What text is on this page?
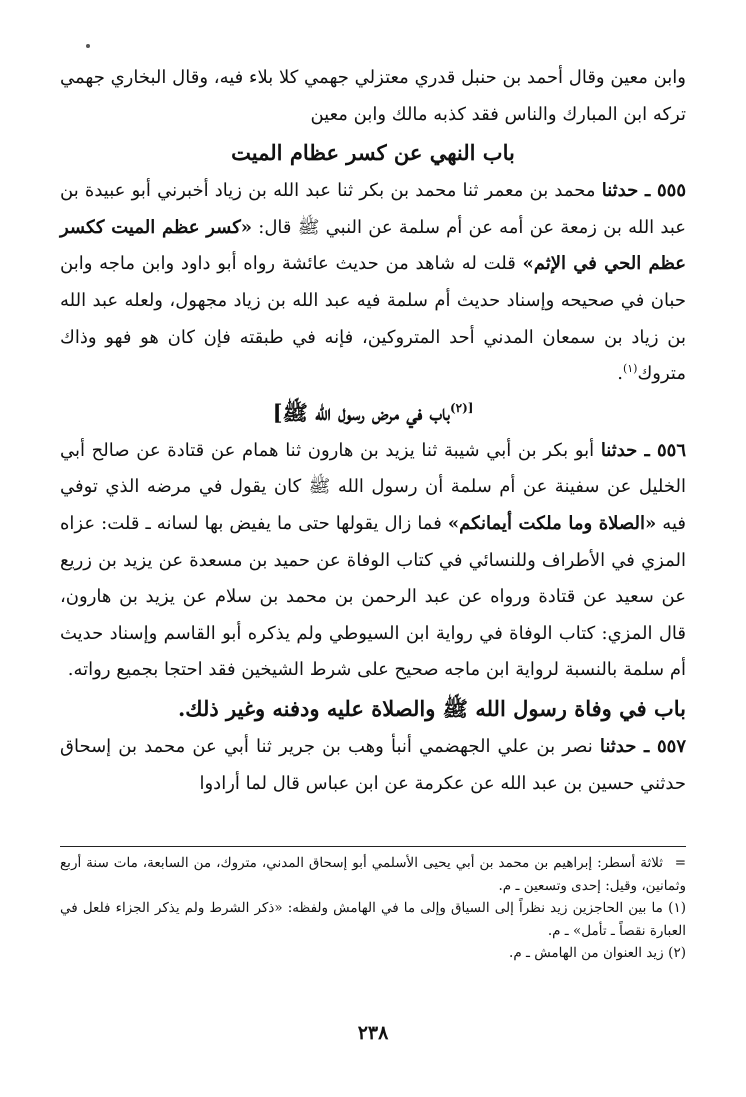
وابن معين وقال أحمد بن حنبل قدري معتزلي جهمي كلا بلاء فيه، وقال البخاري جهمي تركه ابن المبارك والناس فقد كذبه مالك وابن معين

باب النهي عن كسر عظام الميت

٥٥٥ ـ حدثنا محمد بن معمر ثنا محمد بن بكر ثنا عبد الله بن زياد أخبرني أبو عبيدة بن عبد الله بن زمعة عن أمه عن أم سلمة عن النبي ﷺ قال: «كسر عظم الميت ككسر عظم الحي في الإثم» قلت له شاهد من حديث عائشة رواه أبو داود وابن ماجه وابن حبان في صحيحه وإسناد حديث أم سلمة فيه عبد الله بن زياد مجهول، ولعله عبد الله بن زياد بن سمعان المدني أحد المتروكين، فإنه في طبقته فإن كان هو فهو وذاك متروك$^{(١)}$.

$^{[(٢)}$باب في مرض رسول الله ﷺ]

٥٥٦ ـ حدثنا أبو بكر بن أبي شيبة ثنا يزيد بن هارون ثنا همام عن قتادة عن صالح أبي الخليل عن سفينة عن أم سلمة أن رسول الله ﷺ كان يقول في مرضه الذي توفي فيه «الصلاة وما ملكت أيمانكم» فما زال يقولها حتى ما يفيض بها لسانه ـ قلت: عزاه المزي في الأطراف وللنسائي في كتاب الوفاة عن حميد بن مسعدة عن يزيد بن زريع عن سعيد عن قتادة ورواه عن عبد الرحمن بن محمد بن سلام عن يزيد بن هارون، قال المزي: كتاب الوفاة في رواية ابن السيوطي ولم يذكره أبو القاسم وإسناد حديث أم سلمة بالنسبة لرواية ابن ماجه صحيح على شرط الشيخين فقد احتجا بجميع رواته.

باب في وفاة رسول الله ﷺ والصلاة عليه ودفنه وغير ذلك.

٥٥٧ ـ حدثنا نصر بن علي الجهضمي أنبأ وهب بن جرير ثنا أبي عن محمد بن إسحاق حدثني حسين بن عبد الله عن عكرمة عن ابن عباس قال لما أرادوا

= ثلاثة أسطر: إبراهيم بن محمد بن أبي يحيى الأسلمي أبو إسحاق المدني، متروك، من السابعة، مات سنة أربع وثمانين، وقيل: إحدى وتسعين ـ م.

(١) ما بين الحاجزين زيد نظراً إلى السياق وإلى ما في الهامش ولفظه: «ذكر الشرط ولم يذكر الجزاء فلعل في العبارة نقصاً ـ تأمل» ـ م.

(٢) زيد العنوان من الهامش ـ م.

٢٣٨
